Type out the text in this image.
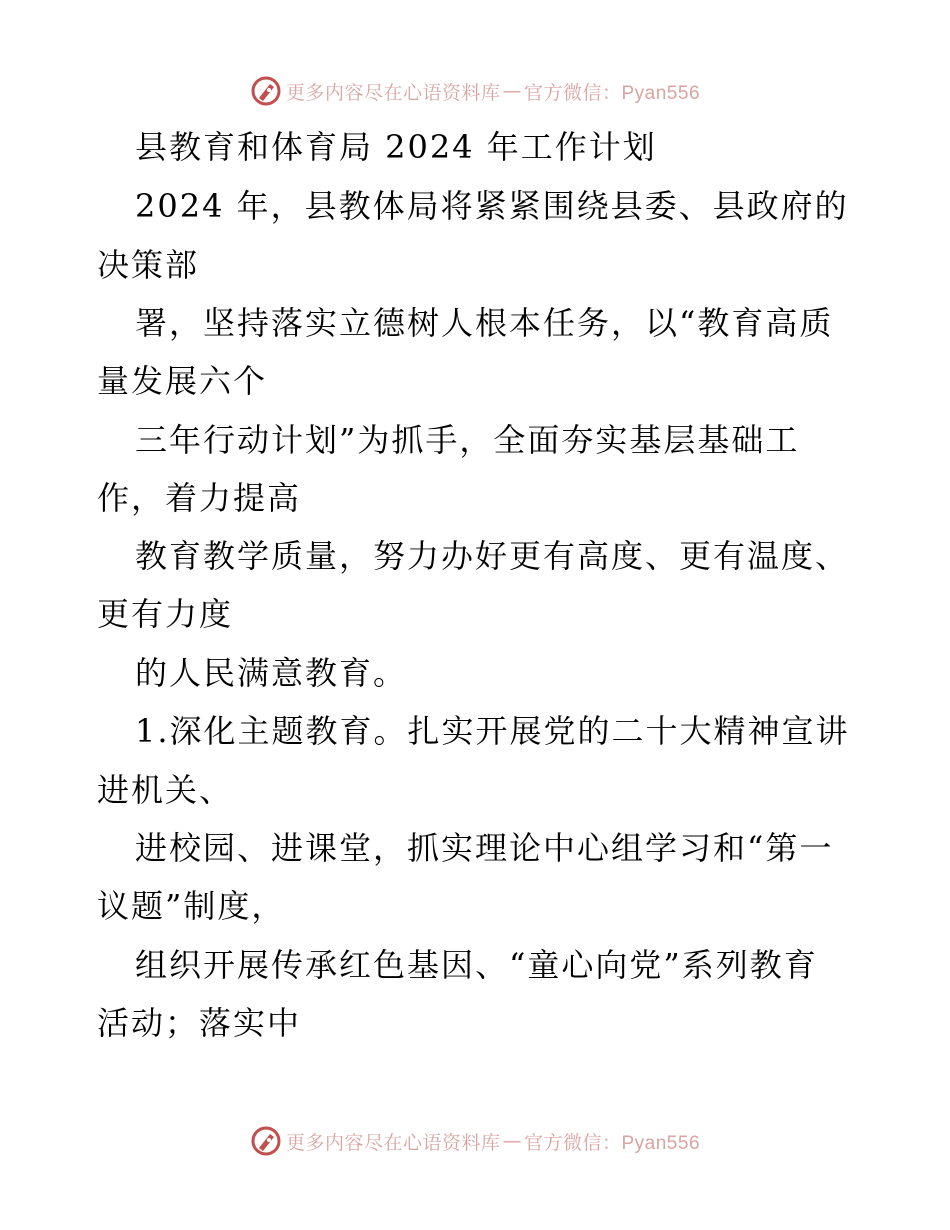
更多内容尽在心语资料库 — 官方微信：Pyan556
县教育和体育局 2024 年工作计划
2024 年，县教体局将紧紧围绕县委、县政府的
决策部
署，坚持落实立德树人根本任务，以“教育高质
量发展六个
三年行动计划”为抓手，全面夯实基层基础工
作，着力提高
教育教学质量，努力办好更有高度、更有温度、
更有力度
的人民满意教育。
1.深化主题教育。扎实开展党的二十大精神宣讲
进机关、
进校园、进课堂，抓实理论中心组学习和“第一
议题”制度，
组织开展传承红色基因、“童心向党”系列教育
活动；落实中
更多内容尽在心语资料库 — 官方微信：Pyan556
